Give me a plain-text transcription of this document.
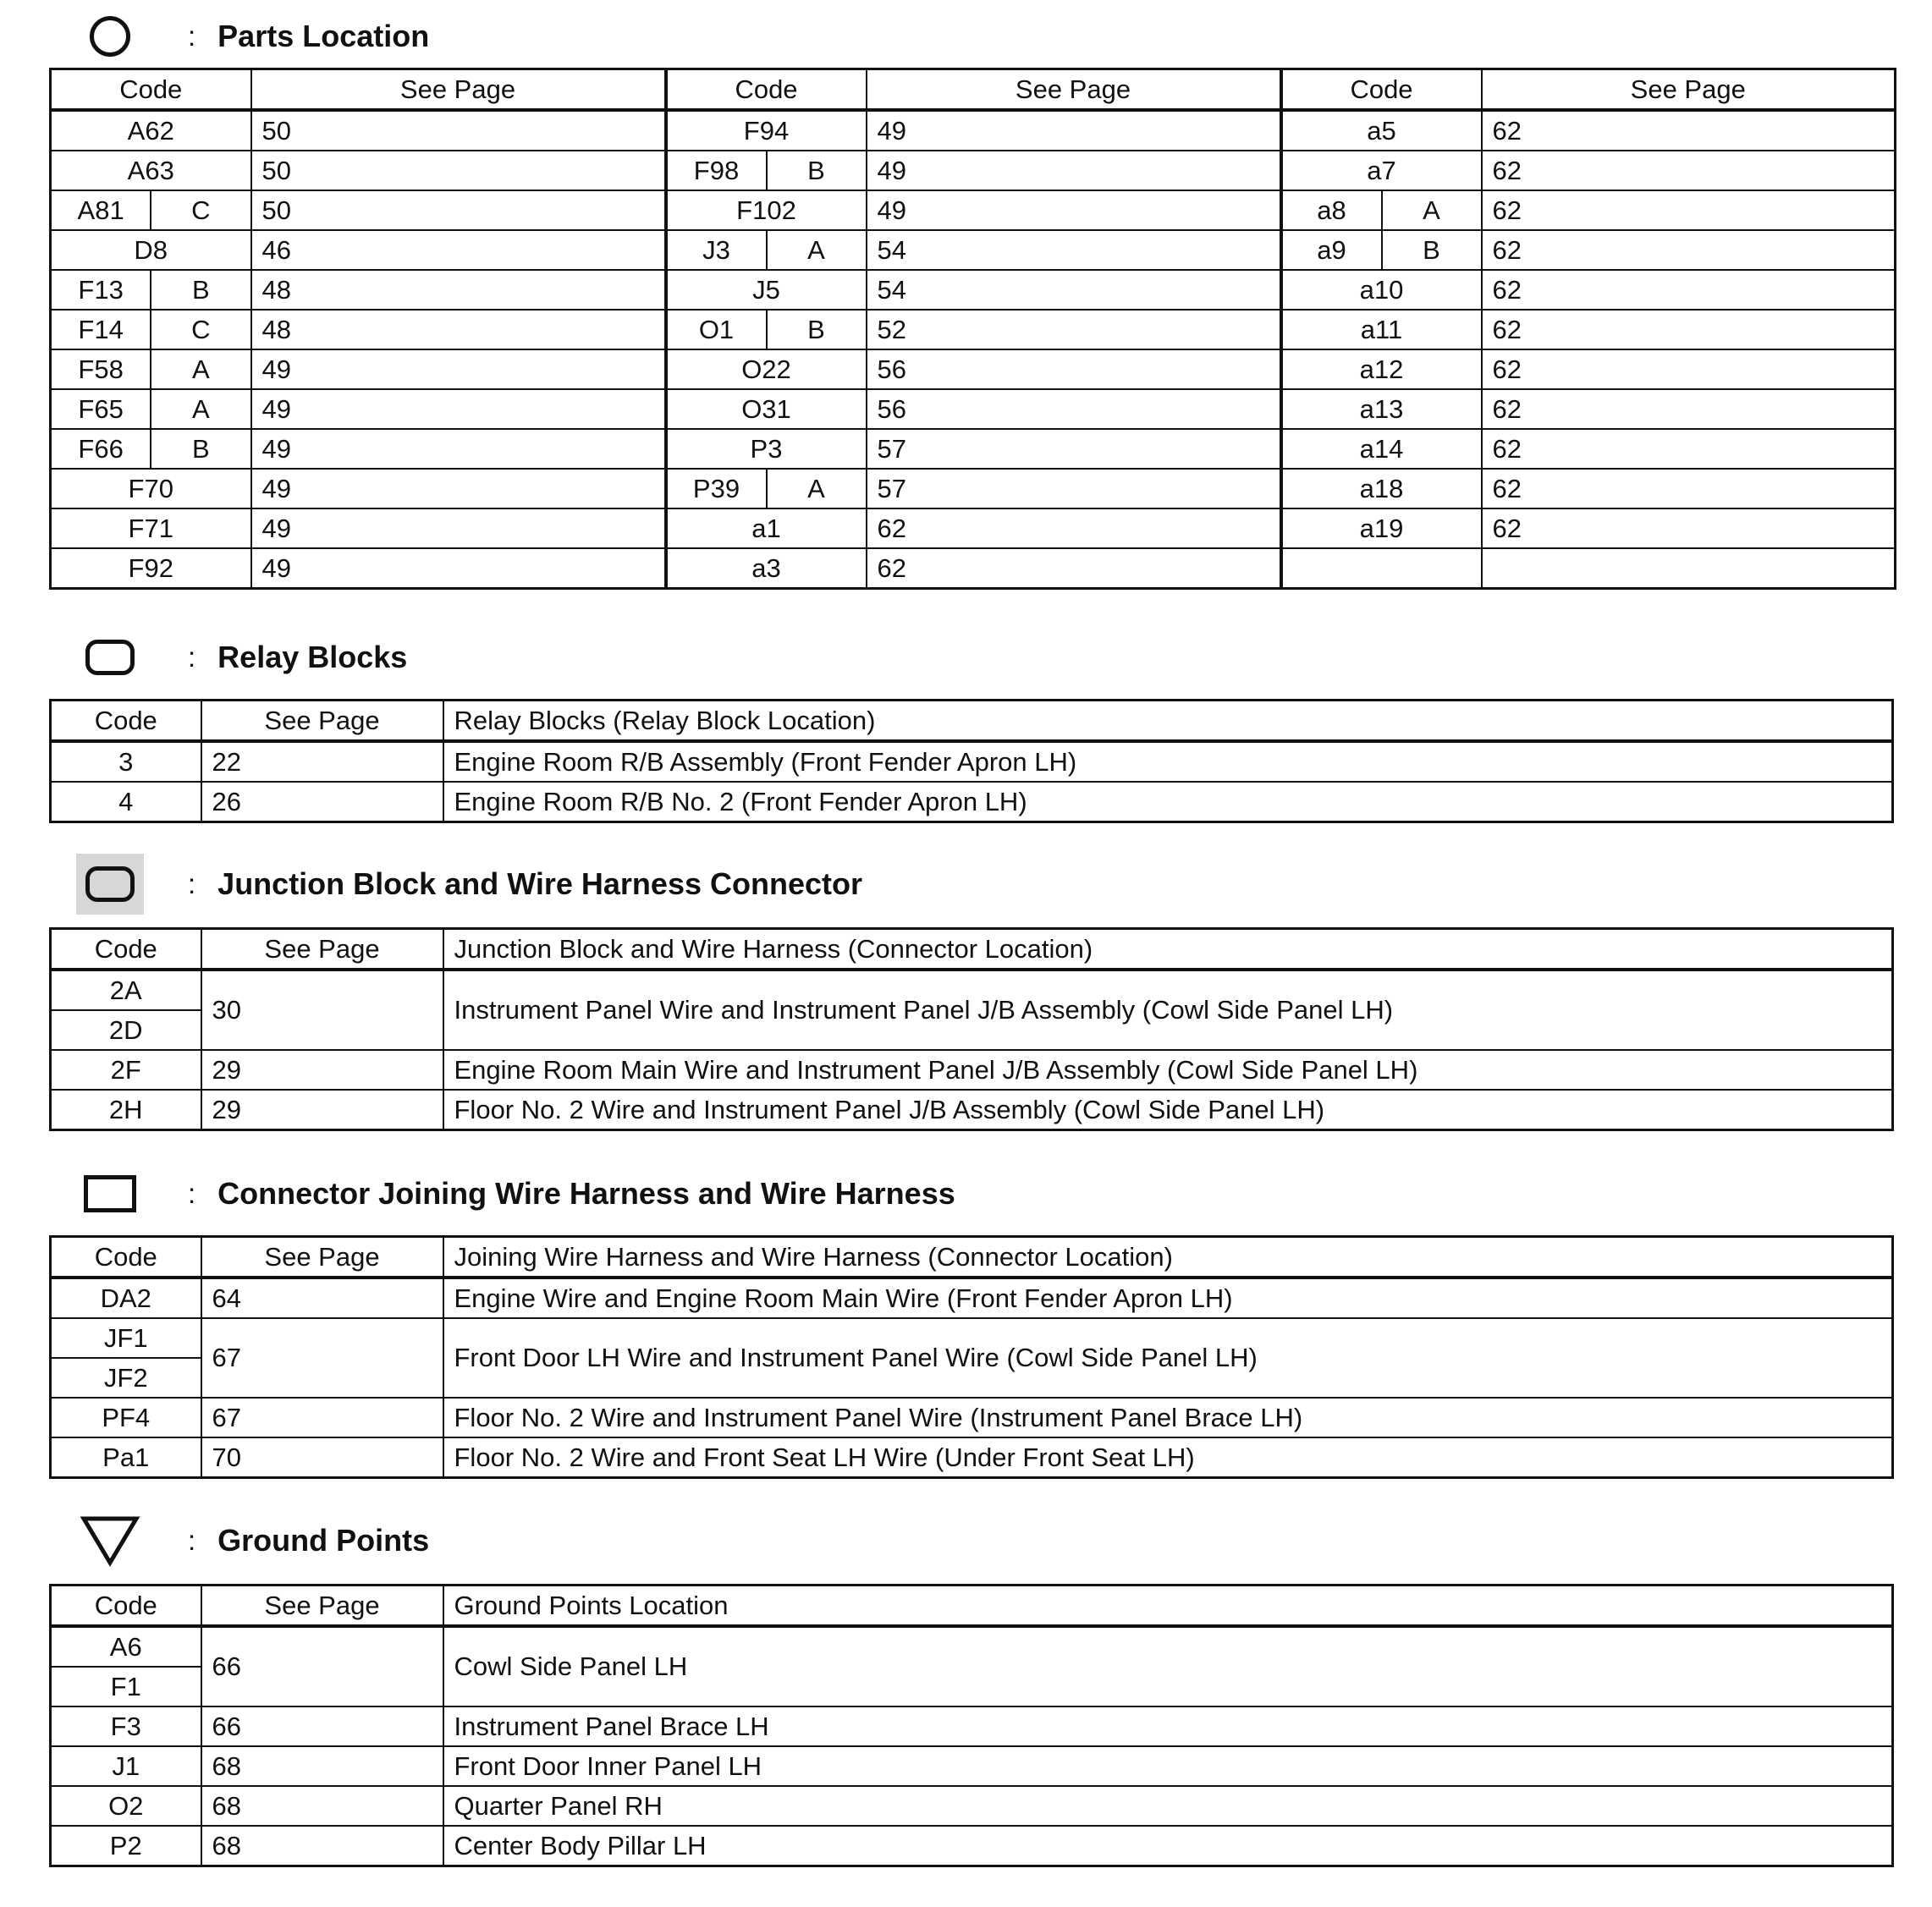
: Parts Location
Code	See Page	Code	See Page	Code	See Page
A62	50	F94	49	a5	62
A63	50	F98 B	49	a7	62

A81 C	50	F102	49	a8 A	62
D8	46	J3 A	54	a9 B	62

F13 B	48	J5	54	a10	62

F14 C	48	O1 B	52	a11	62

F58 A	49	O22	56	a12	62

F65 A	49	O31	56	a13	62

F66 B	49	P3	57	a14	62
F70	49	P39 A	57	a18	62
F71	49	a1	62	a19	62
F92	49	a3	62		
: Relay Blocks
Code	See Page	Relay Blocks (Relay Block Location)
3	22	Engine Room R/B Assembly (Front Fender Apron LH)
4	26	Engine Room R/B No. 2 (Front Fender Apron LH)
: Junction Block and Wire Harness Connector
Code	See Page	Junction Block and Wire Harness (Connector Location)
2A	30	Instrument Panel Wire and Instrument Panel J/B Assembly (Cowl Side Panel LH)
2D		
2F	29	Engine Room Main Wire and Instrument Panel J/B Assembly (Cowl Side Panel LH)
2H	29	Floor No. 2 Wire and Instrument Panel J/B Assembly (Cowl Side Panel LH)
: Connector Joining Wire Harness and Wire Harness
Code	See Page	Joining Wire Harness and Wire Harness (Connector Location)
DA2	64	Engine Wire and Engine Room Main Wire (Front Fender Apron LH)
JF1	67	Front Door LH Wire and Instrument Panel Wire (Cowl Side Panel LH)
JF2		
PF4	67	Floor No. 2 Wire and Instrument Panel Wire (Instrument Panel Brace LH)
Pa1	70	Floor No. 2 Wire and Front Seat LH Wire (Under Front Seat LH)
: Ground Points
Code	See Page	Ground Points Location
A6	66	Cowl Side Panel LH
F1		
F3	66	Instrument Panel Brace LH
J1	68	Front Door Inner Panel LH
O2	68	Quarter Panel RH
P2	68	Center Body Pillar LH
